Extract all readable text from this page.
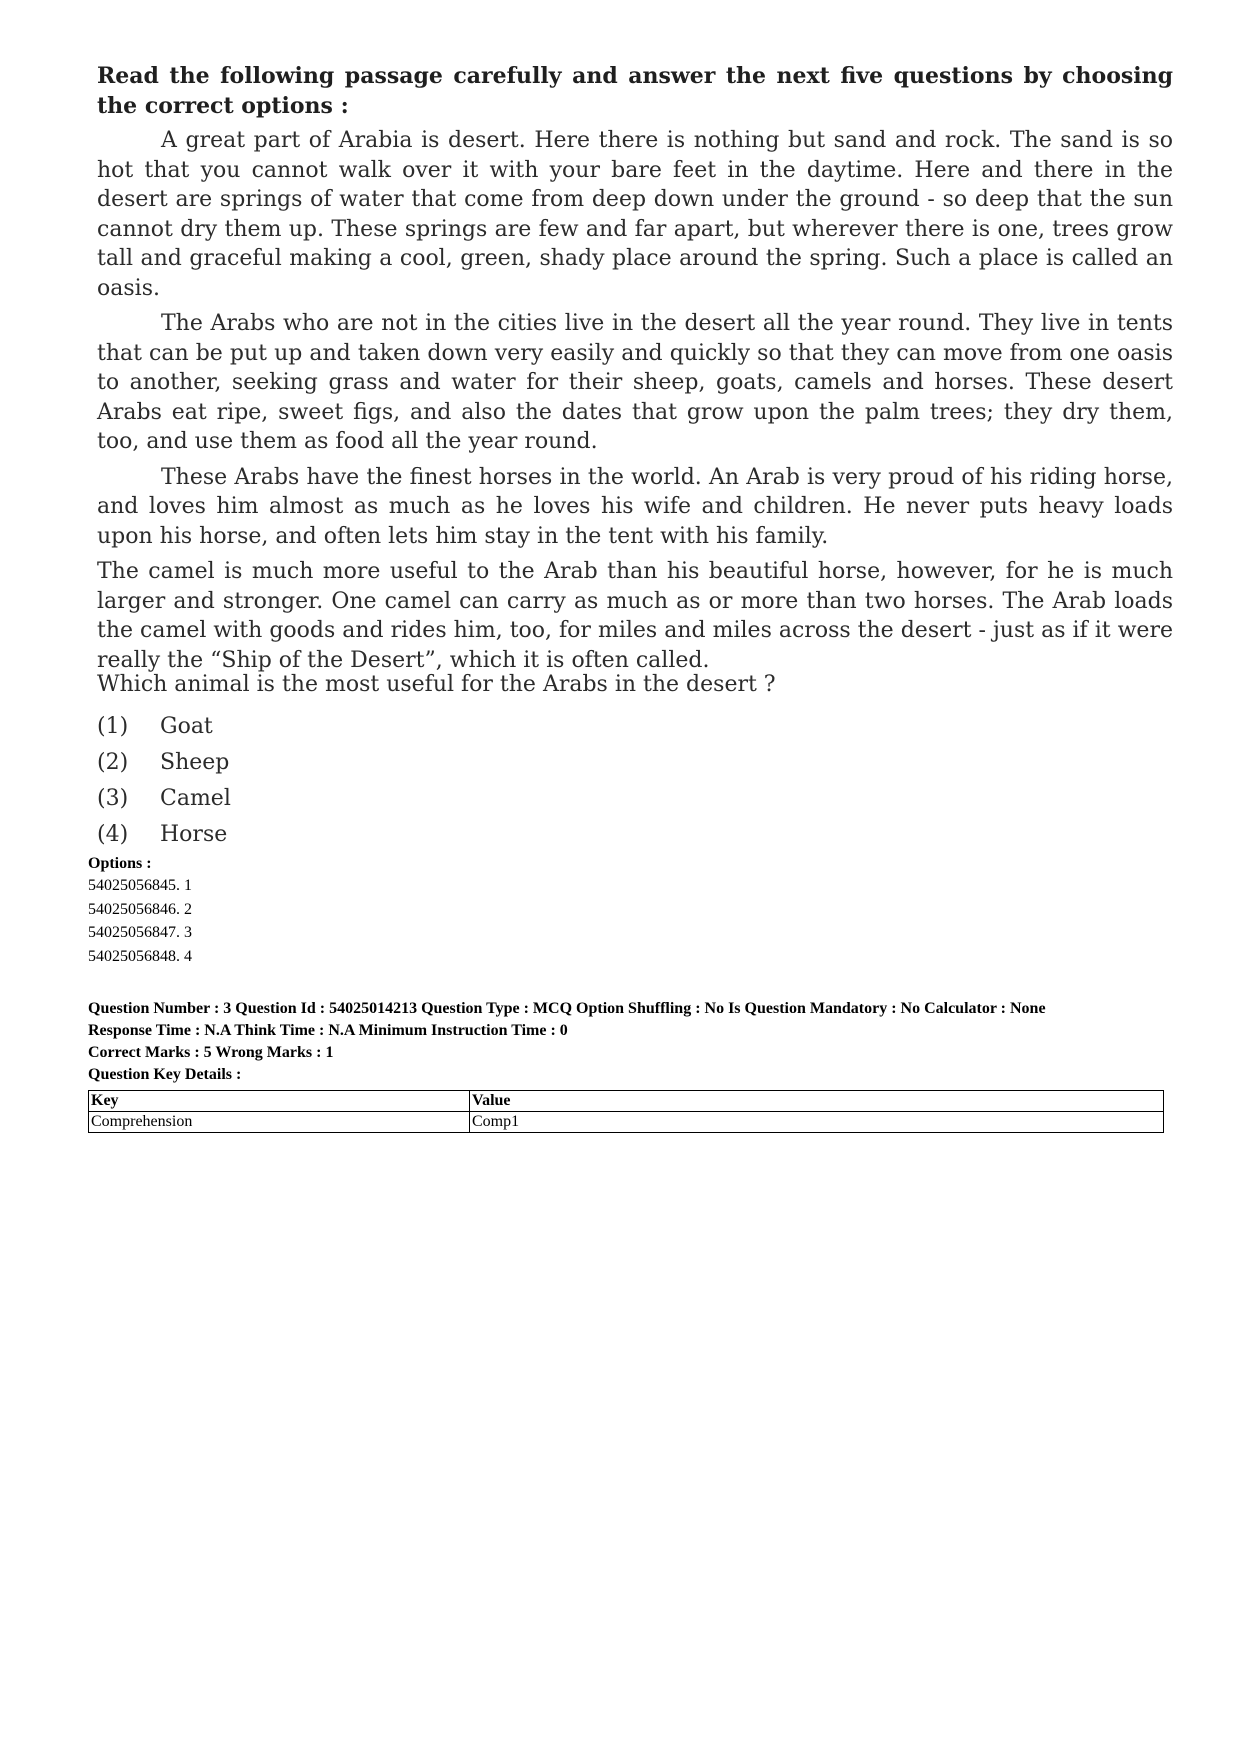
Read the following passage carefully and answer the next five questions by choosing the correct options :

A great part of Arabia is desert. Here there is nothing but sand and rock. The sand is so hot that you cannot walk over it with your bare feet in the daytime. Here and there in the desert are springs of water that come from deep down under the ground - so deep that the sun cannot dry them up. These springs are few and far apart, but wherever there is one, trees grow tall and graceful making a cool, green, shady place around the spring. Such a place is called an oasis.

The Arabs who are not in the cities live in the desert all the year round. They live in tents that can be put up and taken down very easily and quickly so that they can move from one oasis to another, seeking grass and water for their sheep, goats, camels and horses. These desert Arabs eat ripe, sweet figs, and also the dates that grow upon the palm trees; they dry them, too, and use them as food all the year round.

These Arabs have the finest horses in the world. An Arab is very proud of his riding horse, and loves him almost as much as he loves his wife and children. He never puts heavy loads upon his horse, and often lets him stay in the tent with his family.

The camel is much more useful to the Arab than his beautiful horse, however, for he is much larger and stronger. One camel can carry as much as or more than two horses. The Arab loads the camel with goods and rides him, too, for miles and miles across the desert - just as if it were really the “Ship of the Desert”, which it is often called.

Which animal is the most useful for the Arabs in the desert ?
(1)	Goat
(2)	Sheep
(3)	Camel
(4)	Horse
Options :
54025056845. 1
54025056846. 2
54025056847. 3
54025056848. 4
Question Number : 3 Question Id : 54025014213 Question Type : MCQ Option Shuffling : No Is Question Mandatory : No Calculator : None
Response Time : N.A Think Time : N.A Minimum Instruction Time : 0
Correct Marks : 5 Wrong Marks : 1
Question Key Details :
Key	Value
Comprehension	Comp1
